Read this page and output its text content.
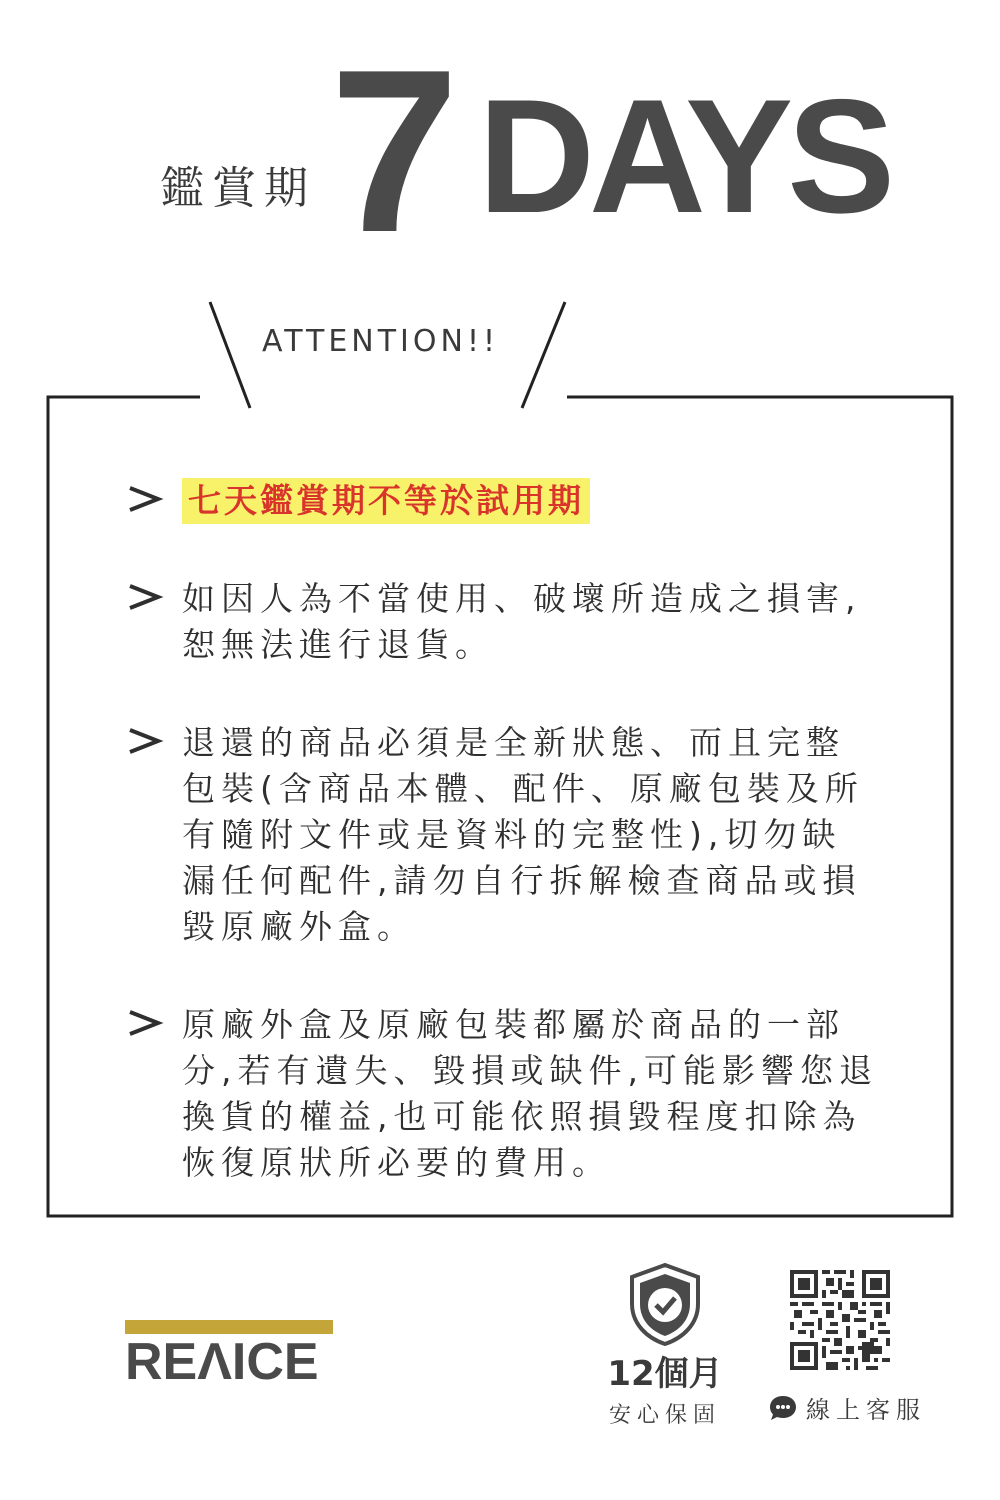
鑑賞期 7 DAYS
ATTENTION!!
七天鑑賞期不等於試用期
如因人為不當使用、破壞所造成之損害,恕無法進行退貨。
退還的商品必須是全新狀態、而且完整包裝(含商品本體、配件、原廠包裝及所有隨附文件或是資料的完整性),切勿缺漏任何配件,請勿自行拆解檢查商品或損毀原廠外盒。
原廠外盒及原廠包裝都屬於商品的一部分,若有遺失、毀損或缺件,可能影響您退換貨的權益,也可能依照損毀程度扣除為恢復原狀所必要的費用。
REΛICE	12個月
安心保固	線上客服
